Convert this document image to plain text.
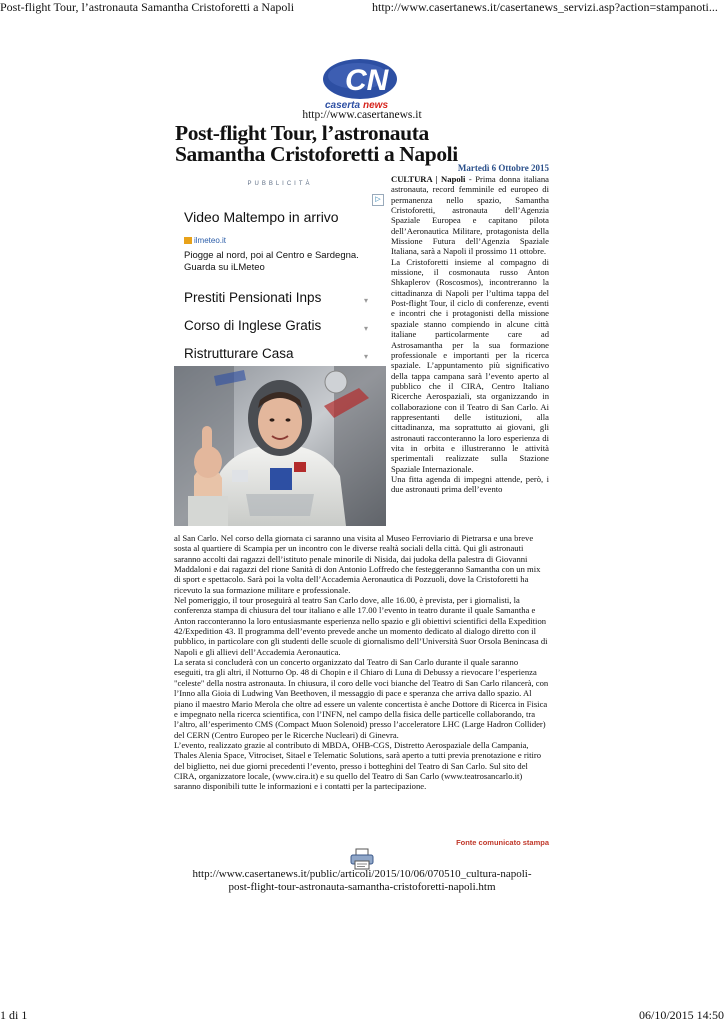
Post-flight Tour, l’astronauta Samantha Cristoforetti a Napoli	http://www.casertanews.it/casertanews_servizi.asp?action=stampanoti...
CN
caserta news
http://www.casertanews.it
Post-flight Tour, l’astronauta
Samantha Cristoforetti a Napoli
Martedì 6 Ottobre 2015
PUBBLICITÀ
▷
Video Maltempo in arrivo
ilmeteo.it
Piogge al nord, poi al Centro e Sardegna. Guarda su iLMeteo
Prestiti Pensionati Inps	▾
Corso di Inglese Gratis	▾
Ristrutturare Casa	▾

CULTURA | Napoli - Prima donna italiana astronauta, record femminile ed europeo di permanenza nello spazio, Samantha Cristoforetti, astronauta dell’Agenzia Spaziale Europea e capitano pilota dell’Aeronautica Militare, protagonista della Missione Futura dell’Agenzia Spaziale Italiana, sarà a Napoli il prossimo 11 ottobre.

La Cristoforetti insieme al compagno di missione, il cosmonauta russo Anton Shkaplerov (Roscosmos), incontreranno la cittadinanza di Napoli per l’ultima tappa del Post-flight Tour, il ciclo di conferenze, eventi e incontri che i protagonisti della missione spaziale stanno compiendo in alcune città italiane particolarmente care ad Astrosamantha per la sua formazione professionale e importanti per la ricerca spaziale. L’appuntamento più significativo della tappa campana sarà l’evento aperto al pubblico che il CIRA, Centro Italiano Ricerche Aerospaziali, sta organizzando in collaborazione con il Teatro di San Carlo. Ai rappresentanti delle istituzioni, alla cittadinanza, ma soprattutto ai giovani, gli astronauti racconteranno la loro esperienza di vita in orbita e illustreranno le attività sperimentali realizzate sulla Stazione Spaziale Internazionale.

Una fitta agenda di impegni attende, però, i due astronauti prima dell’evento

al San Carlo. Nel corso della giornata ci saranno una visita al Museo Ferroviario di Pietrarsa e una breve sosta al quartiere di Scampia per un incontro con le diverse realtà sociali della città. Qui gli astronauti saranno accolti dai ragazzi dell’istituto penale minorile di Nisida, dai judoka della palestra di Giovanni Maddaloni e dai ragazzi del rione Sanità di don Antonio Loffredo che festeggeranno Samantha con un mix di sport e spettacolo. Sarà poi la volta dell’Accademia Aeronautica di Pozzuoli, dove la Cristoforetti ha ricevuto la sua formazione militare e professionale.

Nel pomeriggio, il tour proseguirà al teatro San Carlo dove, alle 16.00, è prevista, per i giornalisti, la conferenza stampa di chiusura del tour italiano e alle 17.00 l’evento in teatro durante il quale Samantha e Anton racconteranno la loro entusiasmante esperienza nello spazio e gli obiettivi scientifici della Expedition 42/Expedition 43. Il programma dell’evento prevede anche un momento dedicato al dialogo diretto con il pubblico, in particolare con gli studenti delle scuole di giornalismo dell’Università Suor Orsola Benincasa di Napoli e gli allievi dell’Accademia Aeronautica.

La serata si concluderà con un concerto organizzato dal Teatro di San Carlo durante il quale saranno eseguiti, tra gli altri, il Notturno Op. 48 di Chopin e il Chiaro di Luna di Debussy a rievocare l’esperienza "celeste" della nostra astronauta. In chiusura, il coro delle voci bianche del Teatro di San Carlo rilancerà, con l’Inno alla Gioia di Ludwing Van Beethoven, il messaggio di pace e speranza che arriva dallo spazio. Al piano il maestro Mario Merola che oltre ad essere un valente concertista è anche Dottore di Ricerca in Fisica e impegnato nella ricerca scientifica, con l’INFN, nel campo della fisica delle particelle collaborando, tra l’altro, all’esperimento CMS (Compact Muon Solenoid) presso l’acceleratore LHC (Large Hadron Collider) del CERN (Centro Europeo per le Ricerche Nucleari) di Ginevra.

L’evento, realizzato grazie al contributo di MBDA, OHB-CGS, Distretto Aerospaziale della Campania, Thales Alenia Space, Vitrociset, Sitael e Telematic Solutions, sarà aperto a tutti previa prenotazione e ritiro del biglietto, nei due giorni precedenti l’evento, presso i botteghini del Teatro di San Carlo. Sul sito del CIRA, organizzatore locale, (www.cira.it) e su quello del Teatro di San Carlo (www.teatrosancarlo.it) saranno disponibili tutte le informazioni e i contatti per la partecipazione.

Fonte comunicato stampa
http://www.casertanews.it/public/articoli/2015/10/06/070510_cultura-napoli-
post-flight-tour-astronauta-samantha-cristoforetti-napoli.htm
1 di 1	06/10/2015 14:50
